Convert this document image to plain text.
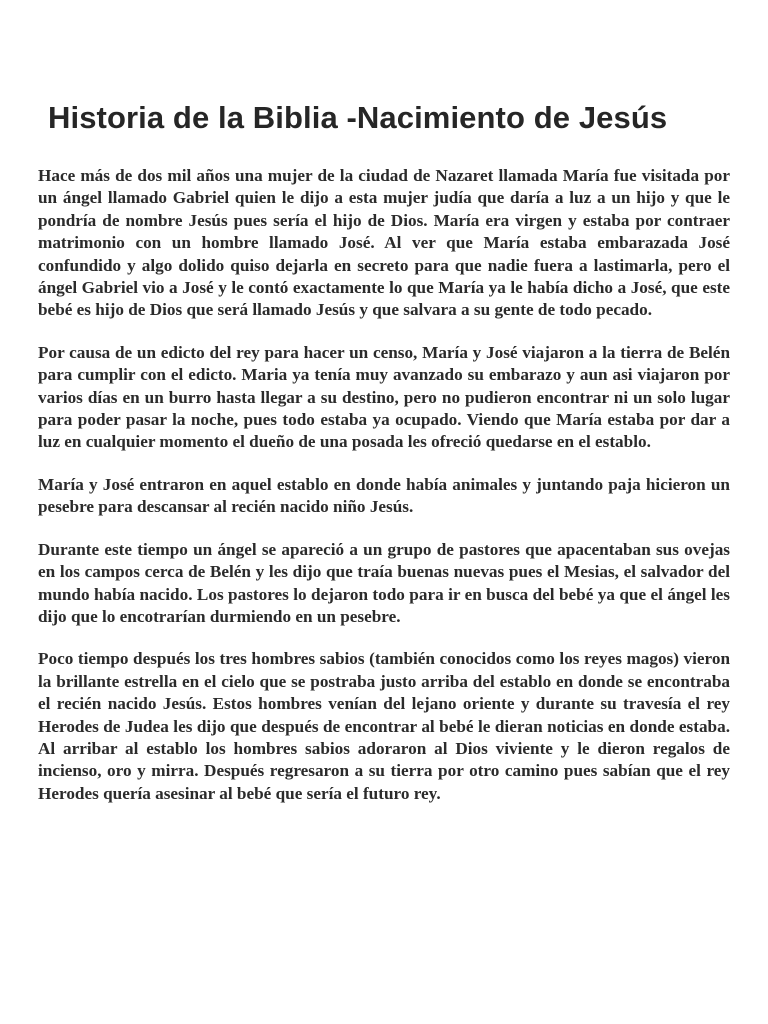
Historia de la Biblia -Nacimiento de Jesús

Hace más de dos mil años una mujer de la ciudad de Nazaret llamada María fue visitada por un ángel llamado Gabriel quien le dijo a esta mujer judía que daría a luz a un hijo y que le pondría de nombre Jesús pues sería el hijo de Dios. María era virgen y estaba por contraer matrimonio con un hombre llamado José. Al ver que María estaba embarazada José confundido y algo dolido quiso dejarla en secreto para que nadie fuera a lastimarla, pero el ángel Gabriel vio a José y le contó exactamente lo que María ya le había dicho a José, que este bebé es hijo de Dios que será llamado Jesús y que salvara a su gente de todo pecado.

Por causa de un edicto del rey para hacer un censo, María y José viajaron a la tierra de Belén para cumplir con el edicto. Maria ya tenía muy avanzado su embarazo y aun asi viajaron por varios días en un burro hasta llegar a su destino, pero no pudieron encontrar ni un solo lugar para poder pasar la noche, pues todo estaba ya ocupado. Viendo que María estaba por dar a luz en cualquier momento el dueño de una posada les ofreció quedarse en el establo.

María y José entraron en aquel establo en donde había animales y juntando paja hicieron un pesebre para descansar al recién nacido niño Jesús.

Durante este tiempo un ángel se apareció a un grupo de pastores que apacentaban sus ovejas en los campos cerca de Belén y les dijo que traía buenas nuevas pues el Mesias, el salvador del mundo había nacido. Los pastores lo dejaron todo para ir en busca del bebé ya que el ángel les dijo que lo encotrarían durmiendo en un pesebre.

Poco tiempo después los tres hombres sabios (también conocidos como los reyes magos) vieron la brillante estrella en el cielo que se postraba justo arriba del establo en donde se encontraba el recién nacido Jesús. Estos hombres venían del lejano oriente y durante su travesía el rey Herodes de Judea les dijo que después de encontrar al bebé le dieran noticias en donde estaba. Al arribar al establo los hombres sabios adoraron al Dios viviente y le dieron regalos de incienso, oro y mirra. Después regresaron a su tierra por otro camino pues sabían que el rey Herodes quería asesinar al bebé que sería el futuro rey.
